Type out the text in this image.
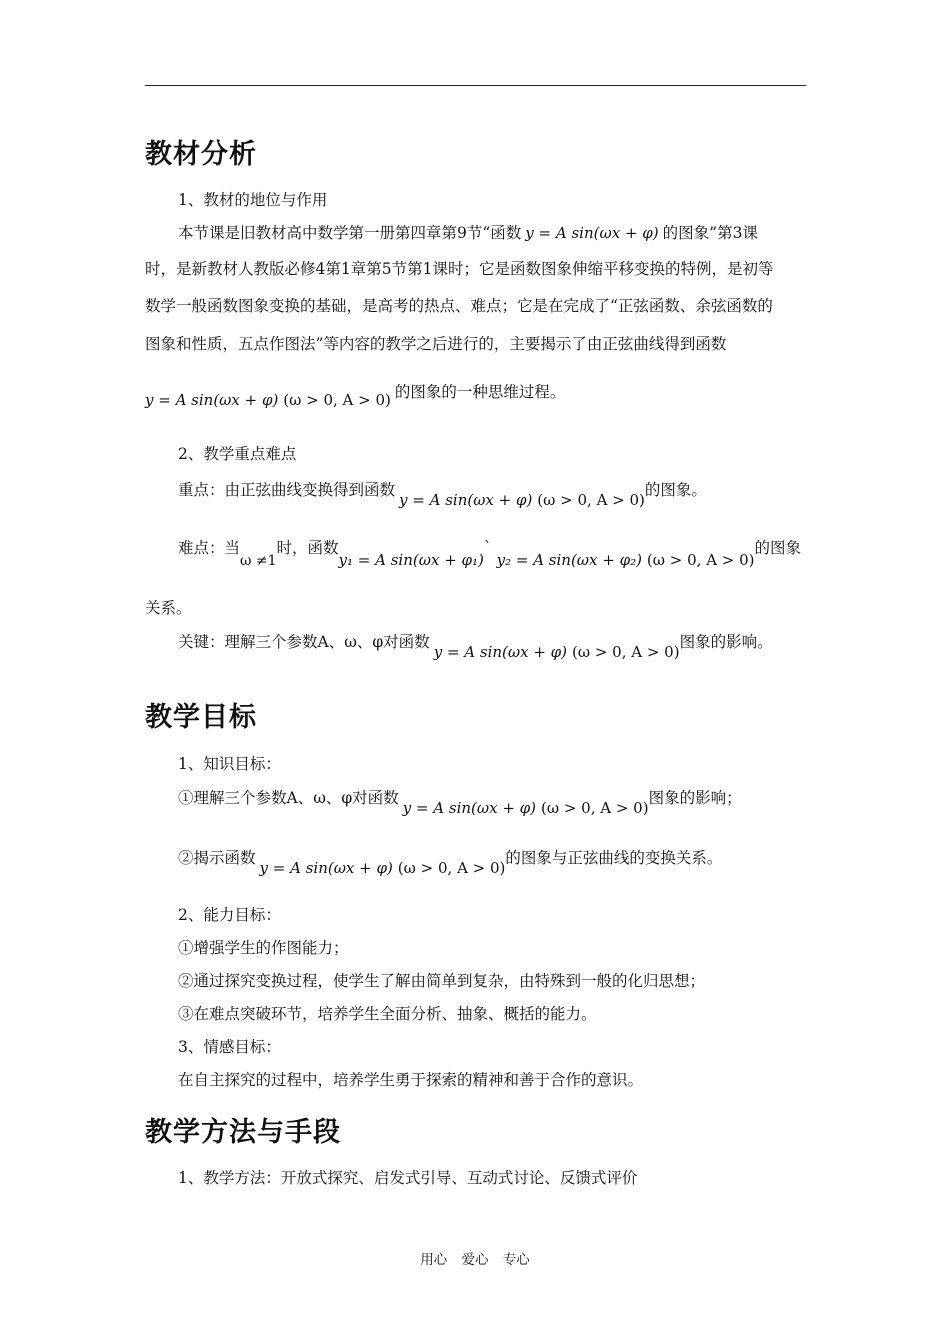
教材分析
1、教材的地位与作用
本节课是旧教材高中数学第一册第四章第9节“函数 y = A sin(ωx + φ) 的图象”第3课
时，是新教材人教版必修4第1章第5节第1课时；它是函数图象伸缩平移变换的特例，是初等
数学一般函数图象变换的基础，是高考的热点、难点；它是在完成了“正弦函数、余弦函数的
图象和性质，五点作图法”等内容的教学之后进行的，主要揭示了由正弦曲线得到函数
y = A sin(ωx + φ) (ω > 0, A > 0) 的图象的一种思维过程。
2、教学重点难点
重点：由正弦曲线变换得到函数y = A sin(ωx + φ) (ω > 0, A > 0)的图象。
难点：当ω ≠1时，函数y₁ = A sin(ωx + φ₁)` y₂ = A sin(ωx + φ₂) (ω > 0, A > 0)的图象
关系。
关键：理解三个参数A、ω、φ对函数y = A sin(ωx + φ) (ω > 0, A > 0)图象的影响。
教学目标
1、知识目标：
①理解三个参数A、ω、φ对函数y = A sin(ωx + φ) (ω > 0, A > 0)图象的影响；
②揭示函数y = A sin(ωx + φ) (ω > 0, A > 0)的图象与正弦曲线的变换关系。
2、能力目标：
①增强学生的作图能力；
②通过探究变换过程，使学生了解由简单到复杂，由特殊到一般的化归思想；
③在难点突破环节，培养学生全面分析、抽象、概括的能力。
3、情感目标：
在自主探究的过程中，培养学生勇于探索的精神和善于合作的意识。
教学方法与手段
1、教学方法：开放式探究、启发式引导、互动式讨论、反馈式评价
用心 爱心 专心
